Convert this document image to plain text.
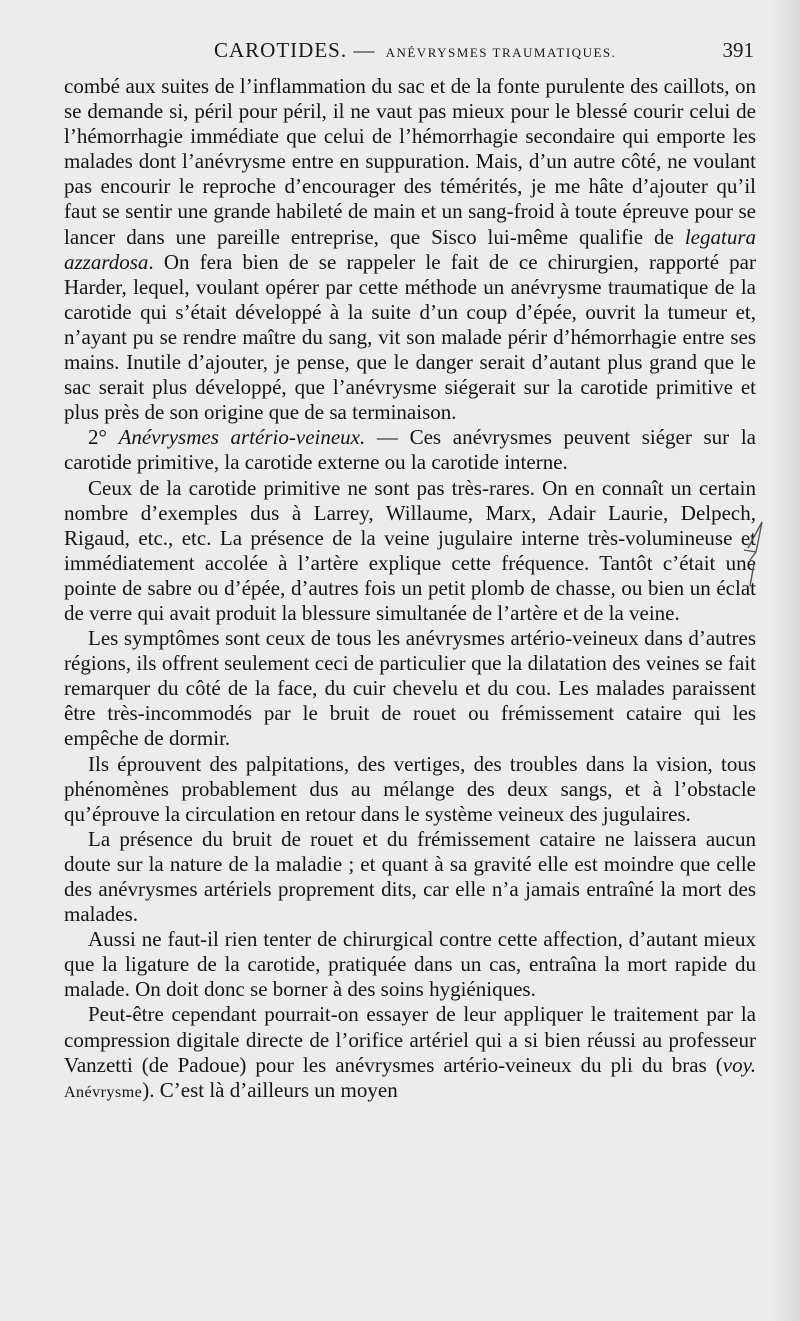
CAROTIDES. — ANÉVRYSMES TRAUMATIQUES.	391

combé aux suites de l’inflammation du sac et de la fonte purulente des caillots, on se demande si, péril pour péril, il ne vaut pas mieux pour le blessé courir celui de l’hémorrhagie immédiate que celui de l’hémorrhagie secondaire qui emporte les malades dont l’anévrysme entre en suppuration. Mais, d’un autre côté, ne voulant pas encourir le reproche d’encourager des témérités, je me hâte d’ajouter qu’il faut se sentir une grande habileté de main et un sang-froid à toute épreuve pour se lancer dans une pareille entreprise, que Sisco lui-même qualifie de legatura azzardosa. On fera bien de se rappeler le fait de ce chirurgien, rapporté par Harder, lequel, voulant opérer par cette méthode un anévrysme traumatique de la carotide qui s’était développé à la suite d’un coup d’épée, ouvrit la tumeur et, n’ayant pu se rendre maître du sang, vit son malade périr d’hémorrhagie entre ses mains. Inutile d’ajouter, je pense, que le danger serait d’autant plus grand que le sac serait plus développé, que l’anévrysme siégerait sur la carotide primitive et plus près de son origine que de sa terminaison.

2° Anévrysmes artério-veineux. — Ces anévrysmes peuvent siéger sur la carotide primitive, la carotide externe ou la carotide interne.

Ceux de la carotide primitive ne sont pas très-rares. On en connaît un certain nombre d’exemples dus à Larrey, Willaume, Marx, Adair Laurie, Delpech, Rigaud, etc., etc. La présence de la veine jugulaire interne très-volumineuse et immédiatement accolée à l’artère explique cette fréquence. Tantôt c’était une pointe de sabre ou d’épée, d’autres fois un petit plomb de chasse, ou bien un éclat de verre qui avait produit la blessure simultanée de l’artère et de la veine.

Les symptômes sont ceux de tous les anévrysmes artério-veineux dans d’autres régions, ils offrent seulement ceci de particulier que la dilatation des veines se fait remarquer du côté de la face, du cuir chevelu et du cou. Les malades paraissent être très-incommodés par le bruit de rouet ou frémissement cataire qui les empêche de dormir.

Ils éprouvent des palpitations, des vertiges, des troubles dans la vision, tous phénomènes probablement dus au mélange des deux sangs, et à l’obstacle qu’éprouve la circulation en retour dans le système veineux des jugulaires.

La présence du bruit de rouet et du frémissement cataire ne laissera aucun doute sur la nature de la maladie ; et quant à sa gravité elle est moindre que celle des anévrysmes artériels proprement dits, car elle n’a jamais entraîné la mort des malades.

Aussi ne faut-il rien tenter de chirurgical contre cette affection, d’autant mieux que la ligature de la carotide, pratiquée dans un cas, entraîna la mort rapide du malade. On doit donc se borner à des soins hygiéniques.

Peut-être cependant pourrait-on essayer de leur appliquer le traitement par la compression digitale directe de l’orifice artériel qui a si bien réussi au professeur Vanzetti (de Padoue) pour les anévrysmes artério-veineux du pli du bras (voy. Anévrysme). C’est là d’ailleurs un moyen
